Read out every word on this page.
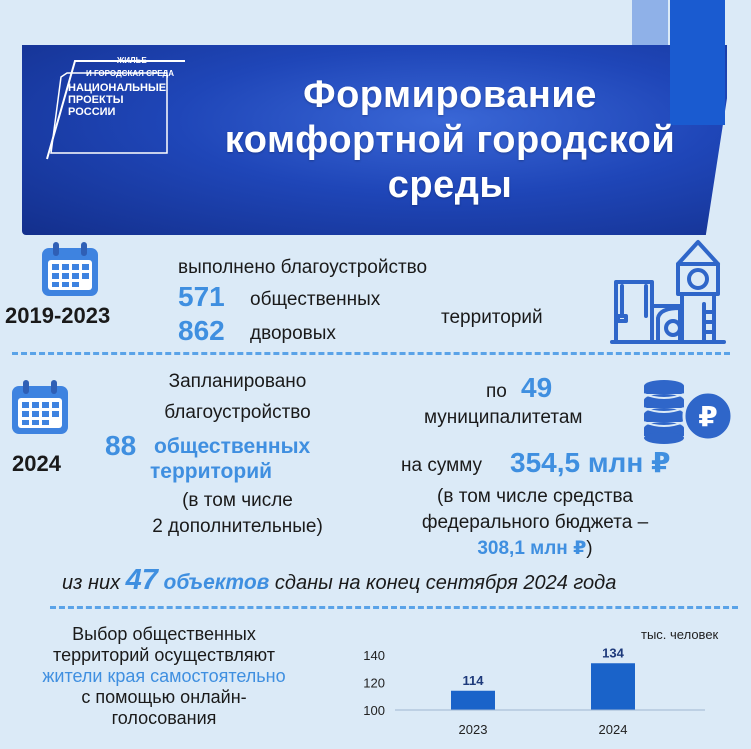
ЖИЛЬЕ
И ГОРОДСКАЯ СРЕДА
НАЦИОНАЛЬНЫЕ
ПРОЕКТЫ
РОССИИ	Формирование
комфортной городской
среды
2019-2023
выполнено благоустройство
571 общественных
862 дворовых
территорий
2024
Запланировано
благоустройство
88 общественных
территорий
(в том числе
2 дополнительные)
по 49
муниципалитетам	₽
на сумму 354,5 млн ₽
(в том числе средства
федерального бюджета –
308,1 млн ₽)
из них 47 объектов сданы на конец сентября 2024 года
Выбор общественных
территорий осуществляют
жители края самостоятельно
с помощью онлайн-
голосования
тыс. человек
100
120
140
114
2023
134
2024
